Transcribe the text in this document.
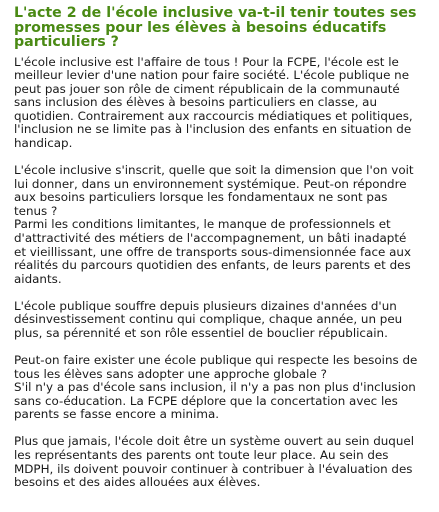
L'acte 2 de l'école inclusive va-t-il tenir toutes ses
promesses pour les élèves à besoins éducatifs
particuliers ?

L'école inclusive est l'affaire de tous ! Pour la FCPE, l'école est le
meilleur levier d'une nation pour faire société. L'école publique ne
peut pas jouer son rôle de ciment républicain de la communauté
sans inclusion des élèves à besoins particuliers en classe, au
quotidien. Contrairement aux raccourcis médiatiques et politiques,
l'inclusion ne se limite pas à l'inclusion des enfants en situation de
handicap.

L'école inclusive s'inscrit, quelle que soit la dimension que l'on voit
lui donner, dans un environnement systémique. Peut-on répondre
aux besoins particuliers lorsque les fondamentaux ne sont pas
tenus ?
Parmi les conditions limitantes, le manque de professionnels et
d'attractivité des métiers de l'accompagnement, un bâti inadapté
et vieillissant, une offre de transports sous-dimensionnée face aux
réalités du parcours quotidien des enfants, de leurs parents et des
aidants.

L'école publique souffre depuis plusieurs dizaines d'années d'un
désinvestissement continu qui complique, chaque année, un peu
plus, sa pérennité et son rôle essentiel de bouclier républicain.

Peut-on faire exister une école publique qui respecte les besoins de
tous les élèves sans adopter une approche globale ?
S'il n'y a pas d'école sans inclusion, il n'y a pas non plus d'inclusion
sans co-éducation. La FCPE déplore que la concertation avec les
parents se fasse encore a minima.

Plus que jamais, l'école doit être un système ouvert au sein duquel
les représentants des parents ont toute leur place. Au sein des
MDPH, ils doivent pouvoir continuer à contribuer à l'évaluation des
besoins et des aides allouées aux élèves.
